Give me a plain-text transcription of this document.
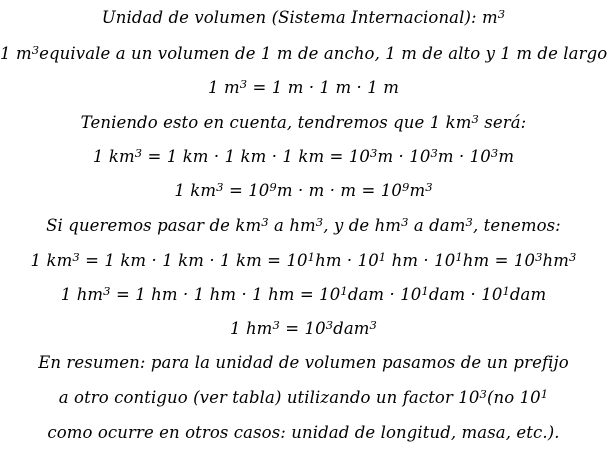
Unidad de volumen (Sistema Internacional): $m^3$
1 $m^3equivale$ a un volumen de 1 m de ancho, 1 m de alto y 1 m de largo
1 $m^3 = 1$ m · 1 m · 1 m
Teniendo esto en cuenta, tendremos que 1 $km^3$ será:
1 $km^3 = 1$ km · 1 km · 1 km = $10^3m \cdot 10^3m \cdot 10^3m$
1 $km^3 = 10^9m \cdot m \cdot m = 10^9m^3$
Si queremos pasar de $km^3$ a $hm^3$, y de $hm^3$ a dam$^3$, tenemos:
1 $km^3 = 1$ km · 1 km · 1 km = $10^1hm \cdot 10^1$ hm · $10^1hm = 10^3hm^3$
1 $hm^3 = 1$ hm · 1 hm · 1 hm = $10^1dam \cdot 10^1dam \cdot 10^1dam$
1 $hm^3 = 10^3dam^3$
En resumen: para la unidad de volumen pasamos de un prefijo
a otro contiguo (ver tabla) utilizando un factor $10^3(no$ $10^1$
como ocurre en otros casos: unidad de longitud, masa, etc.).
